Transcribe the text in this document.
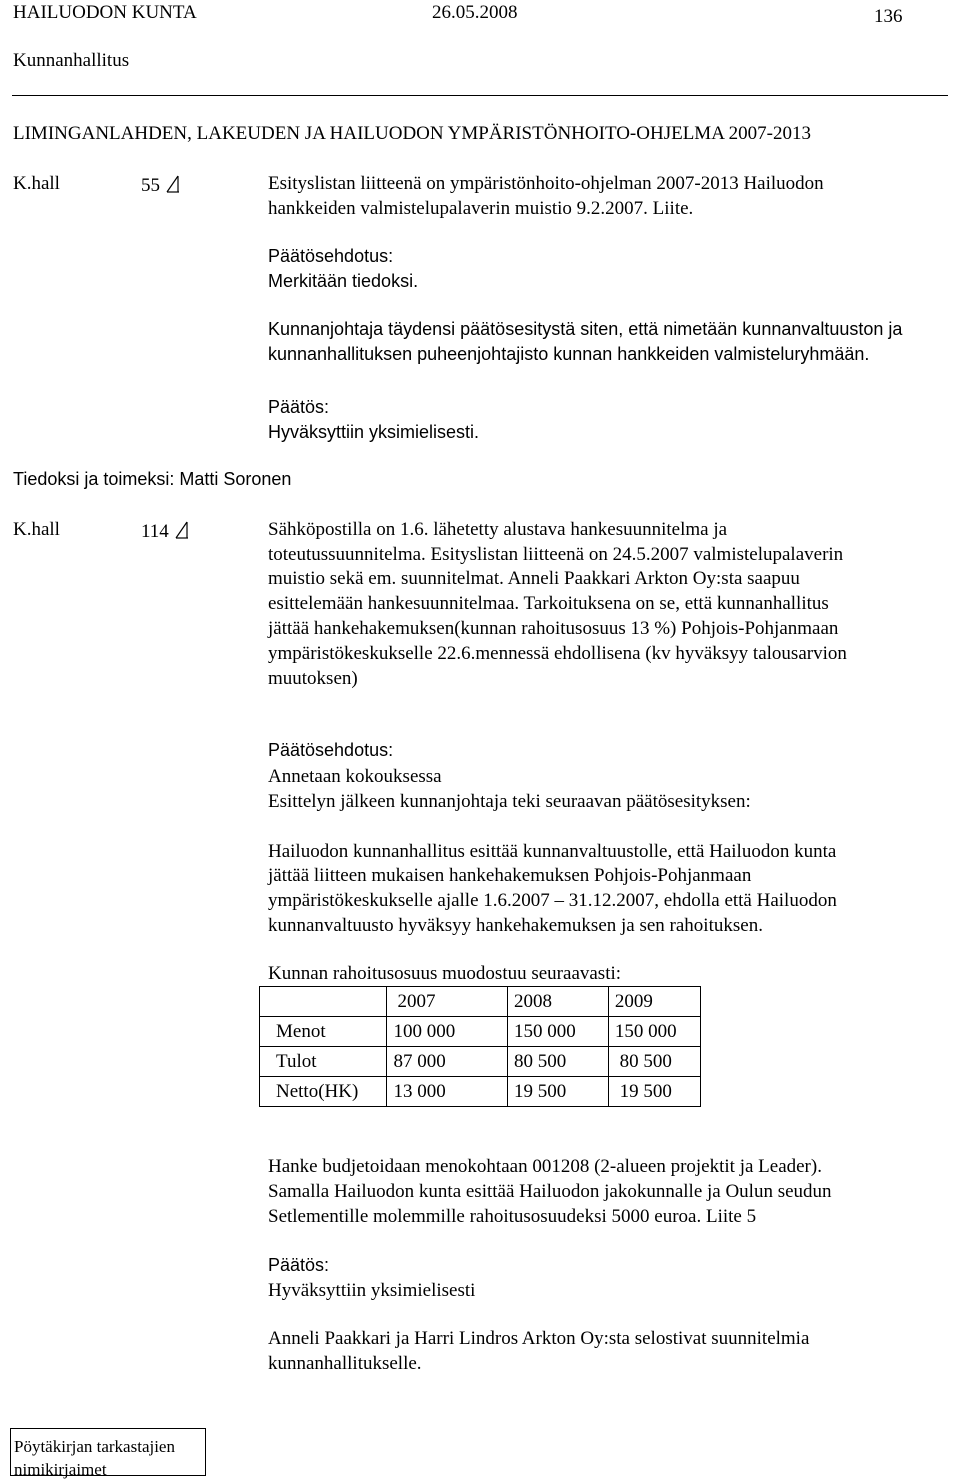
HAILUODON KUNTA	26.05.2008	136
Kunnanhallitus
LIMINGANLAHDEN, LAKEUDEN JA HAILUODON YMPÄRISTÖNHOITO-OHJELMA 2007-2013
K.hall	55	Esityslistan liitteenä on ympäristönhoito-ohjelman 2007-2013 Hailuodon
hankkeiden valmistelupalaverin muistio 9.2.2007. Liite.
Päätösehdotus:
Merkitään tiedoksi.
Kunnanjohtaja täydensi päätösesitystä siten, että nimetään kunnanvaltuuston ja
kunnanhallituksen puheenjohtajisto kunnan hankkeiden valmisteluryhmään.
Päätös:
Hyväksyttiin yksimielisesti.
Tiedoksi ja toimeksi: Matti Soronen
K.hall	114	Sähköpostilla on 1.6. lähetetty alustava hankesuunnitelma ja
toteutussuunnitelma. Esityslistan liitteenä on 24.5.2007 valmistelupalaverin
muistio sekä em. suunnitelmat. Anneli Paakkari Arkton Oy:sta saapuu
esittelemään hankesuunnitelmaa. Tarkoituksena on se, että kunnanhallitus
jättää hankehakemuksen(kunnan rahoitusosuus 13 %) Pohjois-Pohjanmaan
ympäristökeskukselle 22.6.mennessä ehdollisena (kv hyväksyy talousarvion
muutoksen)
Päätösehdotus:
Annetaan kokouksessa
Esittelyn jälkeen kunnanjohtaja teki seuraavan päätösesityksen:
Hailuodon kunnanhallitus esittää kunnanvaltuustolle, että Hailuodon kunta
jättää liitteen mukaisen hankehakemuksen Pohjois-Pohjanmaan
ympäristökeskukselle ajalle 1.6.2007 – 31.12.2007, ehdolla että Hailuodon
kunnanvaltuusto hyväksyy hankehakemuksen ja sen rahoituksen.
Kunnan rahoitusosuus muodostuu seuraavasti:
	2007	2008	2009
Menot	100 000	150 000	150 000
Tulot	87 000	80 500	80 500
Netto(HK)	13 000	19 500	19 500
Hanke budjetoidaan menokohtaan 001208 (2-alueen projektit ja Leader).
Samalla Hailuodon kunta esittää Hailuodon jakokunnalle ja Oulun seudun
Setlementille molemmille rahoitusosuudeksi 5000 euroa. Liite 5
Päätös:
Hyväksyttiin yksimielisesti
Anneli Paakkari ja Harri Lindros Arkton Oy:sta selostivat suunnitelmia
kunnanhallitukselle.
Pöytäkirjan tarkastajien
nimikirjaimet
